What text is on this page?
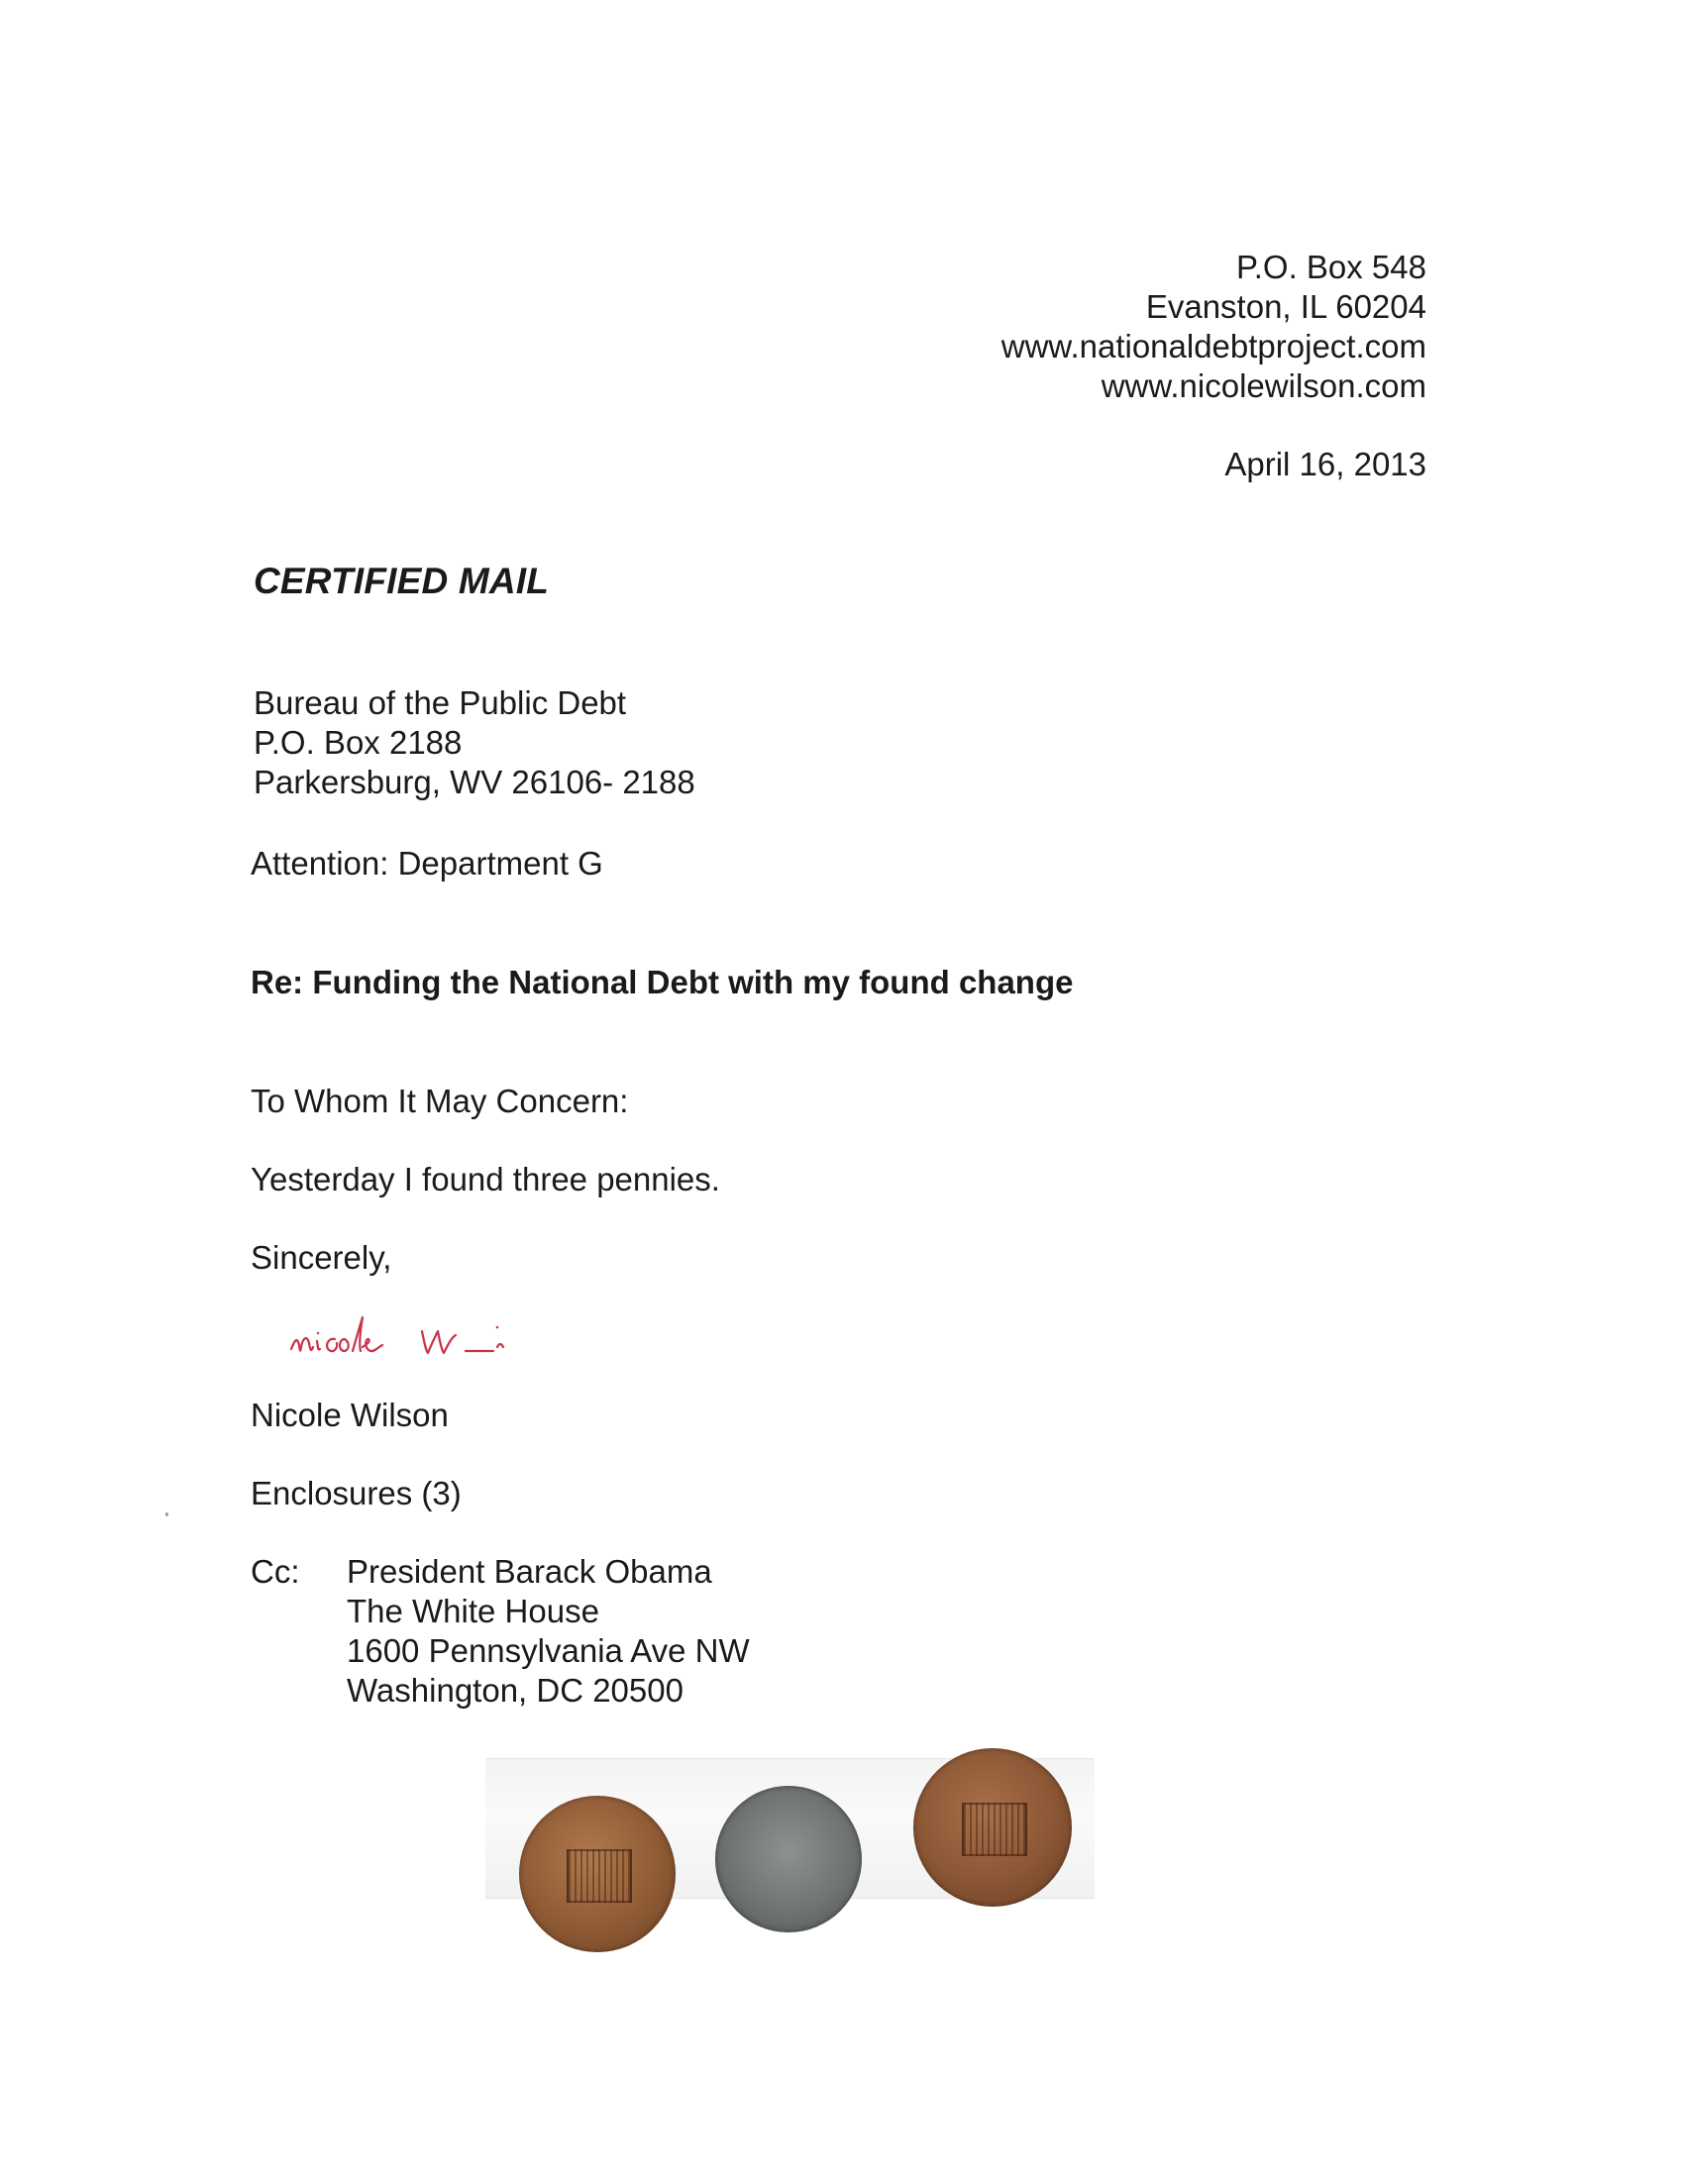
P.O. Box 548
Evanston, IL 60204
www.nationaldebtproject.com
www.nicolewilson.com
April 16, 2013
CERTIFIED MAIL
Bureau of the Public Debt
P.O. Box 2188
Parkersburg, WV 26106- 2188
Attention: Department G
Re: Funding the National Debt with my found change
To Whom It May Concern:
Yesterday I found three pennies.
Sincerely,
Nicole Wilson
Enclosures (3)
Cc: President Barack Obama
The White House
1600 Pennsylvania Ave NW
Washington, DC 20500
